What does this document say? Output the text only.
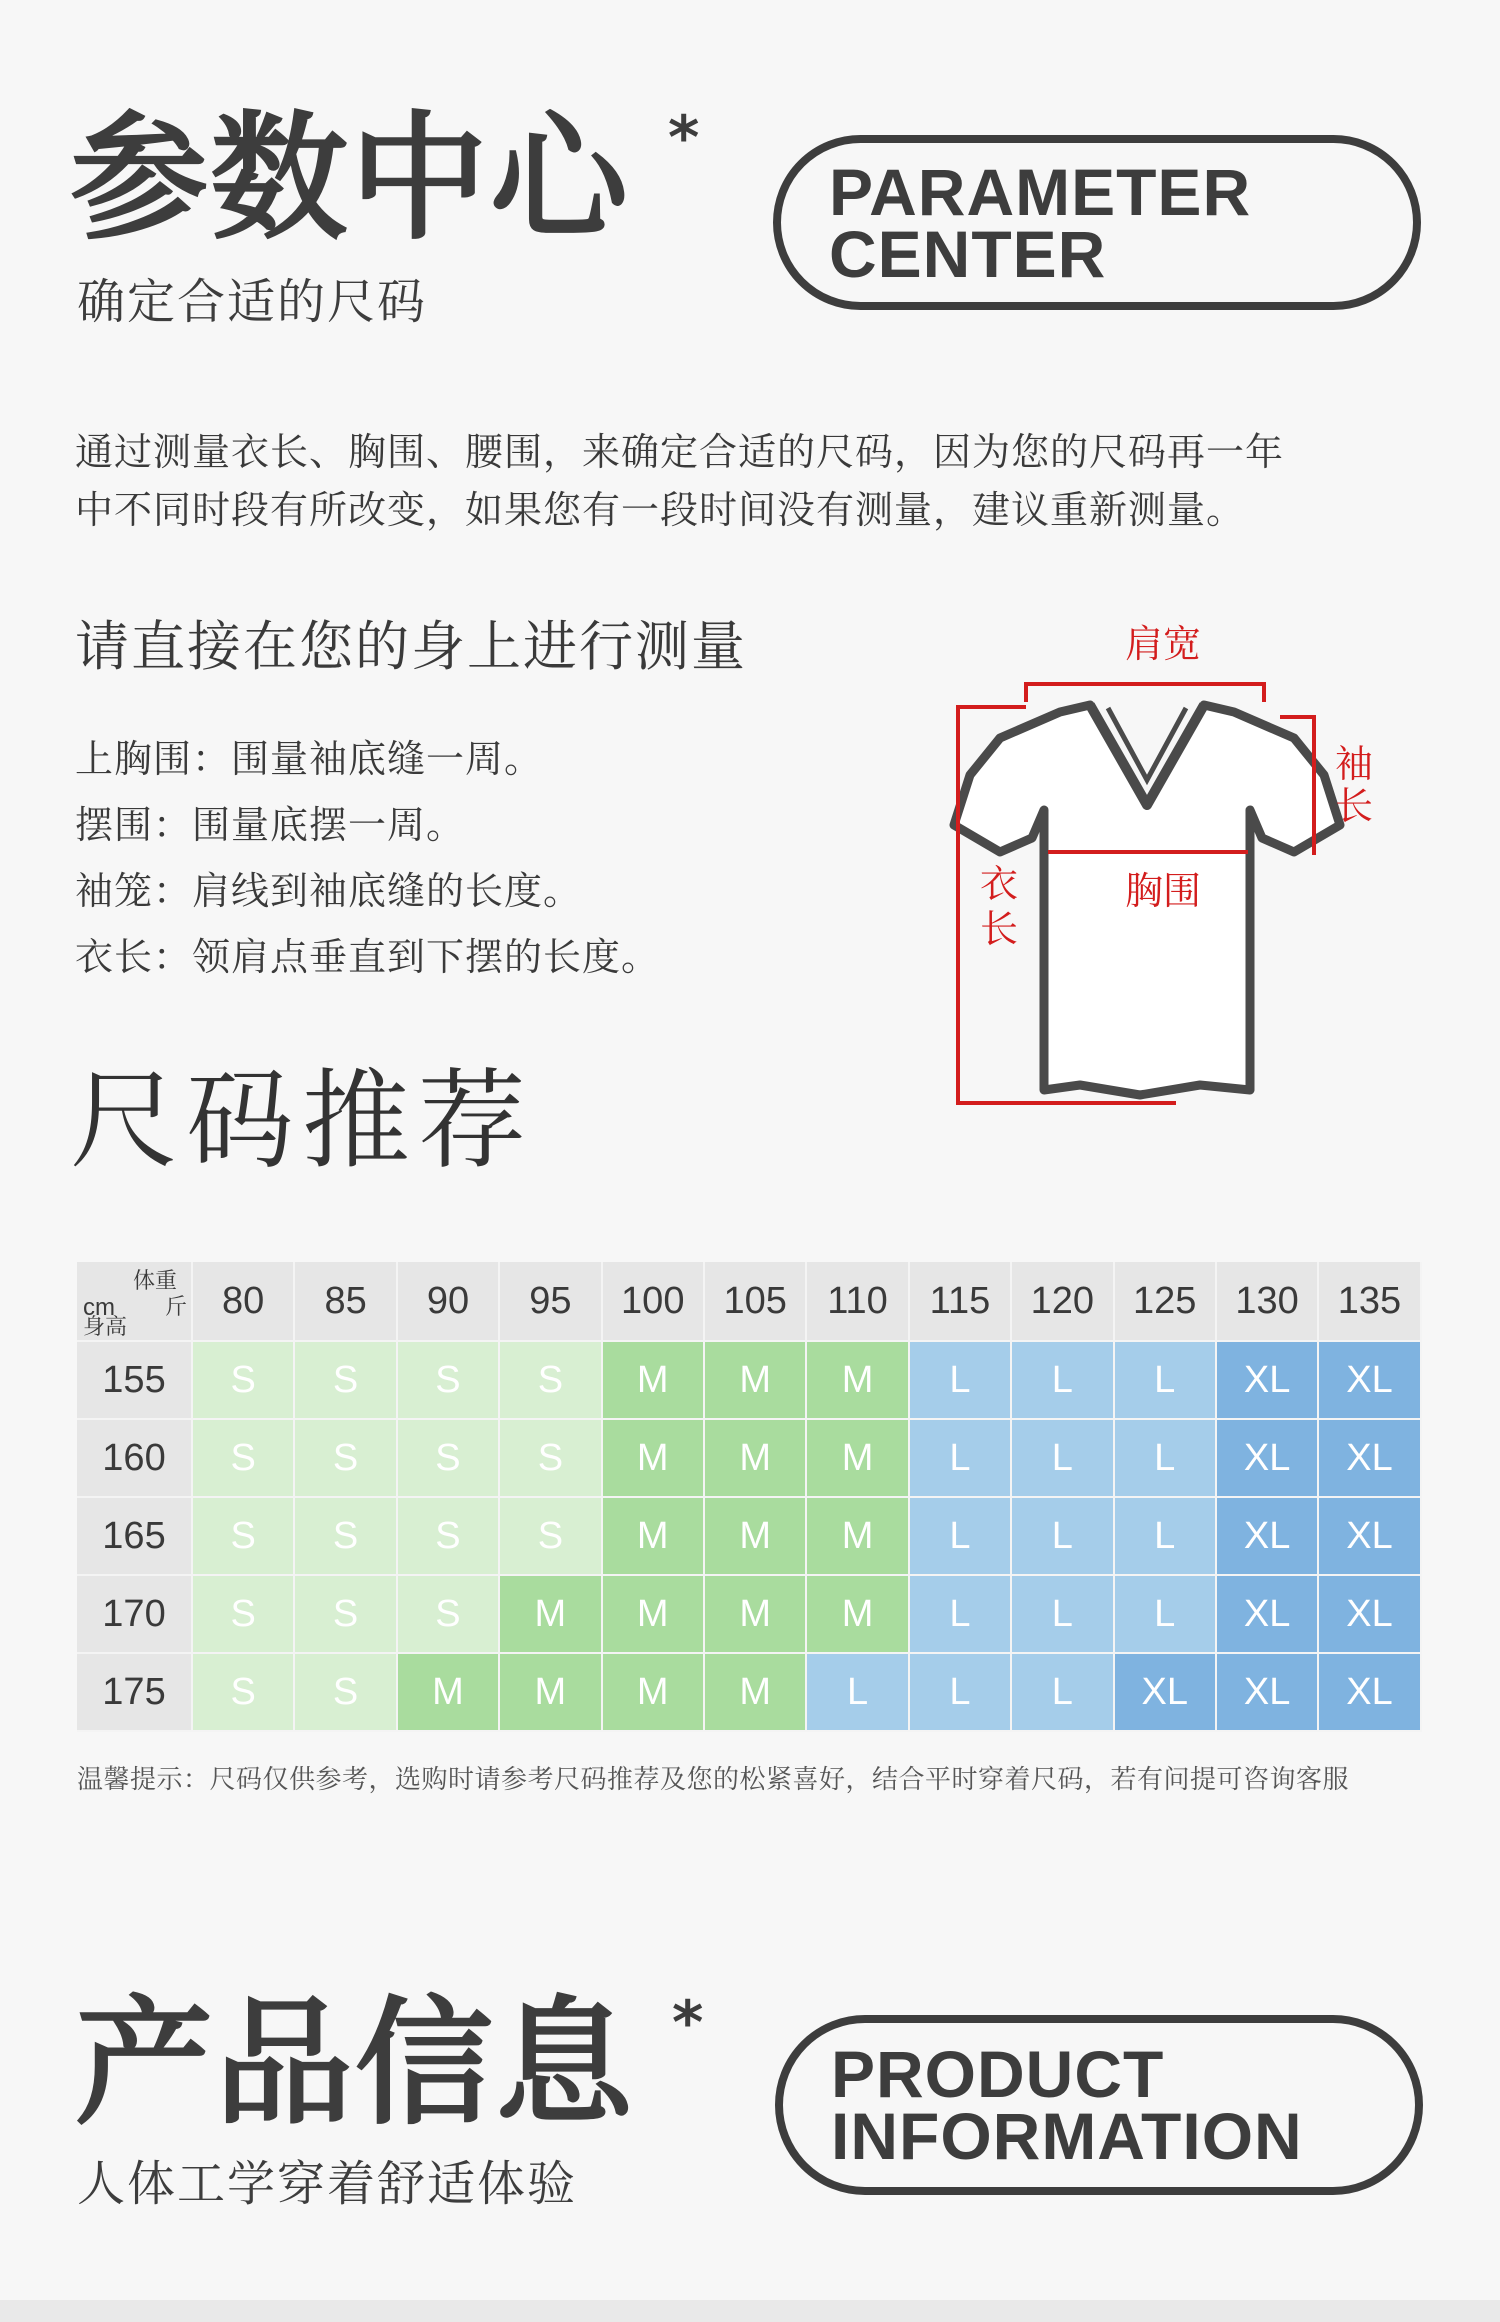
参数中心 *
确定合适的尺码
PARAMETER
CENTER
通过测量衣长、胸围、腰围，来确定合适的尺码，因为您的尺码再一年
中不同时段有所改变，如果您有一段时间没有测量，建议重新测量。
请直接在您的身上进行测量
上胸围：围量袖底缝一周。
摆围：围量底摆一周。
袖笼：肩线到袖底缝的长度。
衣长：领肩点垂直到下摆的长度。
肩宽
袖
长
衣
长
胸围
尺码推荐
体重
斤
cm
身高
80	85	90	95	100	105	110	115	120	125	130	135
155	S	S	S	S	M	M	M	L	L	L	XL	XL
160	S	S	S	S	M	M	M	L	L	L	XL	XL
165	S	S	S	S	M	M	M	L	L	L	XL	XL
170	S	S	S	M	M	M	M	L	L	L	XL	XL
175	S	S	M	M	M	M	L	L	L	XL	XL	XL
温馨提示：尺码仅供参考，选购时请参考尺码推荐及您的松紧喜好，结合平时穿着尺码，若有问提可咨询客服
产品信息 *
人体工学穿着舒适体验
PRODUCT
INFORMATION
